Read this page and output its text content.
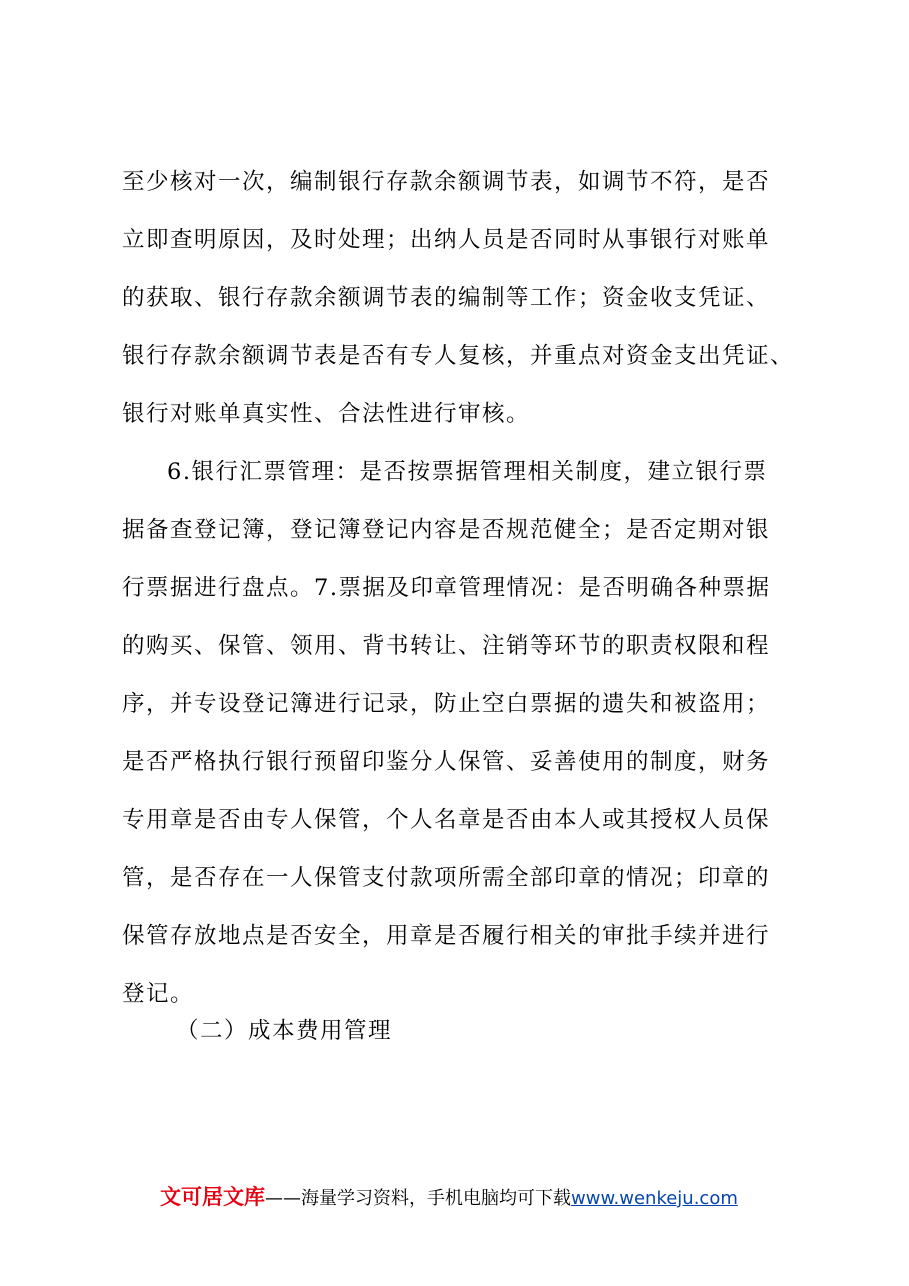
至少核对一次，编制银行存款余额调节表，如调节不符，是否
立即查明原因，及时处理；出纳人员是否同时从事银行对账单
的获取、银行存款余额调节表的编制等工作；资金收支凭证、
银行存款余额调节表是否有专人复核，并重点对资金支出凭证、
银行对账单真实性、合法性进行审核。
6.银行汇票管理：是否按票据管理相关制度，建立银行票
据备查登记簿，登记簿登记内容是否规范健全；是否定期对银
行票据进行盘点。7.票据及印章管理情况：是否明确各种票据
的购买、保管、领用、背书转让、注销等环节的职责权限和程
序，并专设登记簿进行记录，防止空白票据的遗失和被盗用；
是否严格执行银行预留印鉴分人保管、妥善使用的制度，财务
专用章是否由专人保管，个人名章是否由本人或其授权人员保
管，是否存在一人保管支付款项所需全部印章的情况；印章的
保管存放地点是否安全，用章是否履行相关的审批手续并进行
登记。
（二）成本费用管理
文可居文库——海量学习资料，手机电脑均可下载www.wenkeju.com
